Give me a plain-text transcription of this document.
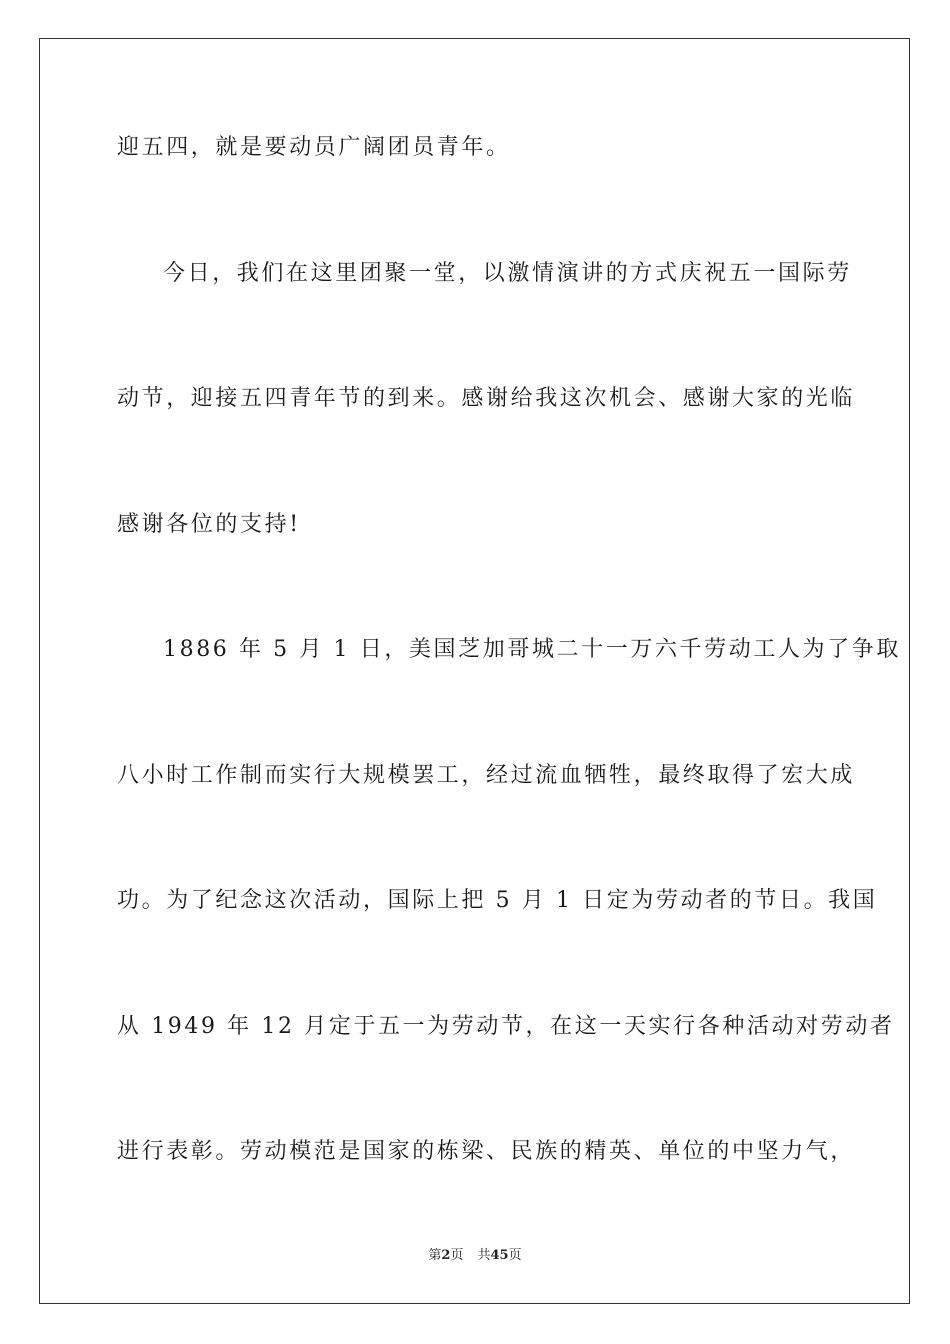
迎五四，就是要动员广阔团员青年。
今日，我们在这里团聚一堂，以激情演讲的方式庆祝五一国际劳
动节，迎接五四青年节的到来。感谢给我这次机会、感谢大家的光临
感谢各位的支持!
1886 年 5 月 1 日，美国芝加哥城二十一万六千劳动工人为了争取
八小时工作制而实行大规模罢工，经过流血牺牲，最终取得了宏大成
功。为了纪念这次活动，国际上把 5 月 1 日定为劳动者的节日。我国
从 1949 年 12 月定于五一为劳动节，在这一天实行各种活动对劳动者
进行表彰。劳动模范是国家的栋梁、民族的精英、单位的中坚力气，
第2页 共45页
